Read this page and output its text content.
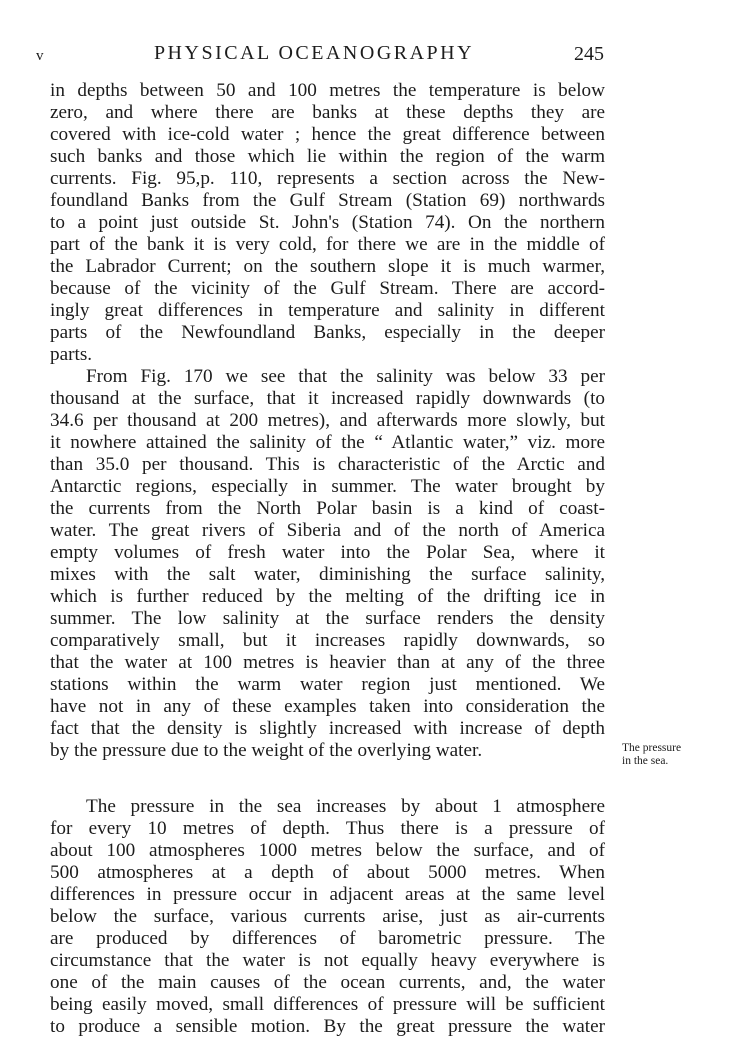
v	PHYSICAL OCEANOGRAPHY	245
in depths between 50 and 100 metres the temperature is below
zero, and where there are banks at these depths they are
covered with ice-cold water ; hence the great difference between
such banks and those which lie within the region of the warm
currents. Fig. 95,p. 110, represents a section across the New-
foundland Banks from the Gulf Stream (Station 69) northwards
to a point just outside St. John's (Station 74). On the northern
part of the bank it is very cold, for there we are in the middle of
the Labrador Current; on the southern slope it is much warmer,
because of the vicinity of the Gulf Stream. There are accord-
ingly great differences in temperature and salinity in different
parts of the Newfoundland Banks, especially in the deeper
parts.
From Fig. 170 we see that the salinity was below 33 per
thousand at the surface, that it increased rapidly downwards (to
34.6 per thousand at 200 metres), and afterwards more slowly, but
it nowhere attained the salinity of the “ Atlantic water,” viz. more
than 35.0 per thousand. This is characteristic of the Arctic and
Antarctic regions, especially in summer. The water brought by
the currents from the North Polar basin is a kind of coast-
water. The great rivers of Siberia and of the north of America
empty volumes of fresh water into the Polar Sea, where it
mixes with the salt water, diminishing the surface salinity,
which is further reduced by the melting of the drifting ice in
summer. The low salinity at the surface renders the density
comparatively small, but it increases rapidly downwards, so
that the water at 100 metres is heavier than at any of the three
stations within the warm water region just mentioned. We
have not in any of these examples taken into consideration the
fact that the density is slightly increased with increase of depth
by the pressure due to the weight of the overlying water.
The pressure in the sea increases by about 1 atmosphere
for every 10 metres of depth. Thus there is a pressure of
about 100 atmospheres 1000 metres below the surface, and of
500 atmospheres at a depth of about 5000 metres. When
differences in pressure occur in adjacent areas at the same level
below the surface, various currents arise, just as air-currents
are produced by differences of barometric pressure. The
circumstance that the water is not equally heavy everywhere is
one of the main causes of the ocean currents, and, the water
being easily moved, small differences of pressure will be sufficient
to produce a sensible motion. By the great pressure the water
The pressure
in the sea.
